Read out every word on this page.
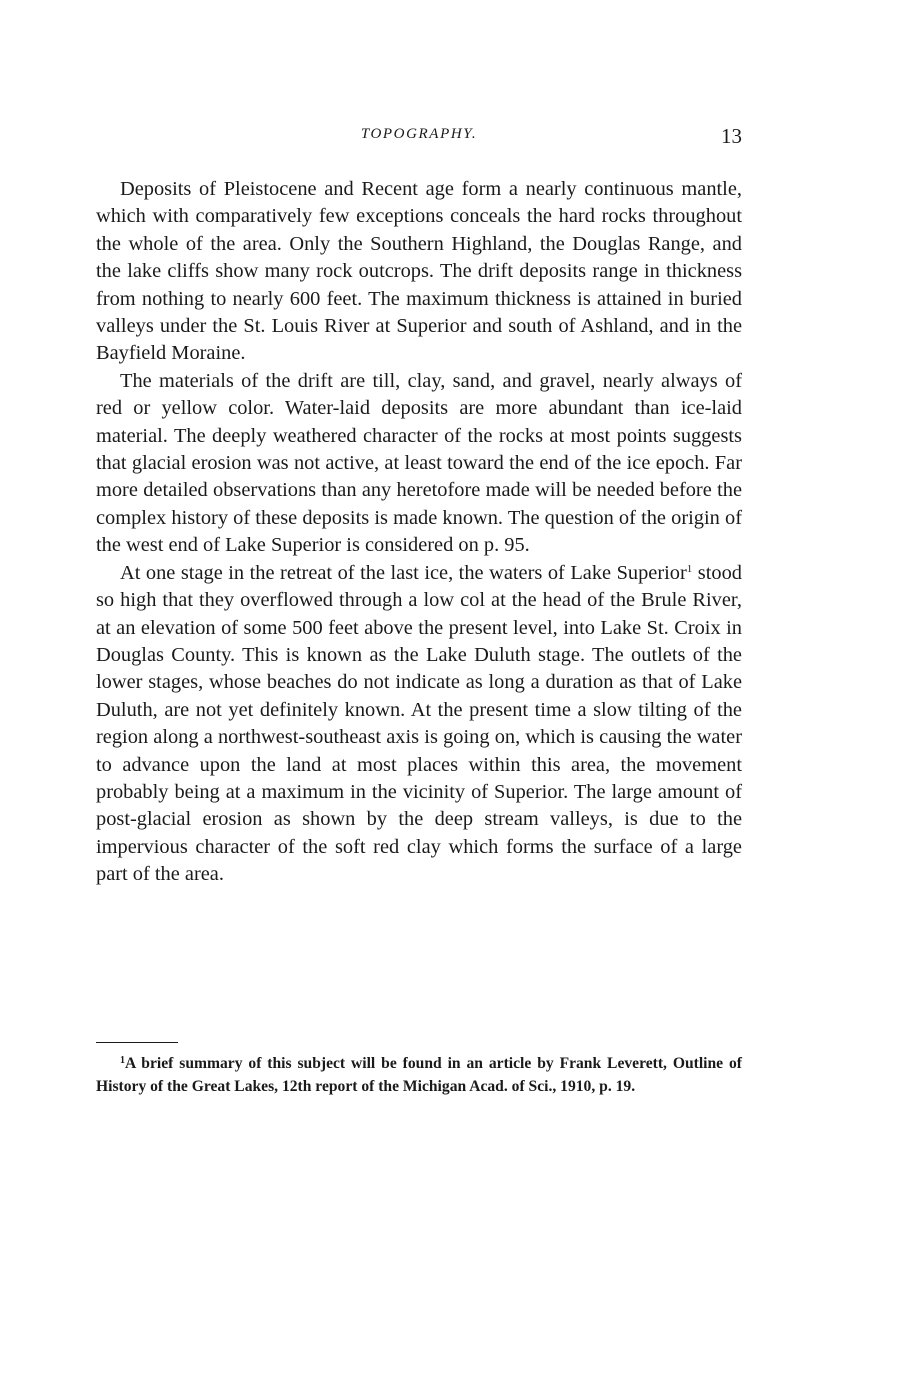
TOPOGRAPHY.	13

Deposits of Pleistocene and Recent age form a nearly continuous mantle, which with comparatively few exceptions conceals the hard rocks throughout the whole of the area. Only the Southern Highland, the Douglas Range, and the lake cliffs show many rock outcrops. The drift deposits range in thickness from nothing to nearly 600 feet. The maximum thickness is attained in buried valleys under the St. Louis River at Superior and south of Ashland, and in the Bayfield Moraine.

The materials of the drift are till, clay, sand, and gravel, nearly always of red or yellow color. Water-laid deposits are more abundant than ice-laid material. The deeply weathered character of the rocks at most points suggests that glacial erosion was not active, at least toward the end of the ice epoch. Far more detailed observations than any heretofore made will be needed before the complex history of these deposits is made known. The question of the origin of the west end of Lake Superior is considered on p. 95.

At one stage in the retreat of the last ice, the waters of Lake Superior$^1$ stood so high that they overflowed through a low col at the head of the Brule River, at an elevation of some 500 feet above the present level, into Lake St. Croix in Douglas County. This is known as the Lake Duluth stage. The outlets of the lower stages, whose beaches do not indicate as long a duration as that of Lake Duluth, are not yet definitely known. At the present time a slow tilting of the region along a northwest-southeast axis is going on, which is causing the water to advance upon the land at most places within this area, the movement probably being at a maximum in the vicinity of Superior. The large amount of post-glacial erosion as shown by the deep stream valleys, is due to the impervious character of the soft red clay which forms the surface of a large part of the area.

$^1$A brief summary of this subject will be found in an article by Frank Leverett, Outline of History of the Great Lakes, 12th report of the Michigan Acad. of Sci., 1910, p. 19.
